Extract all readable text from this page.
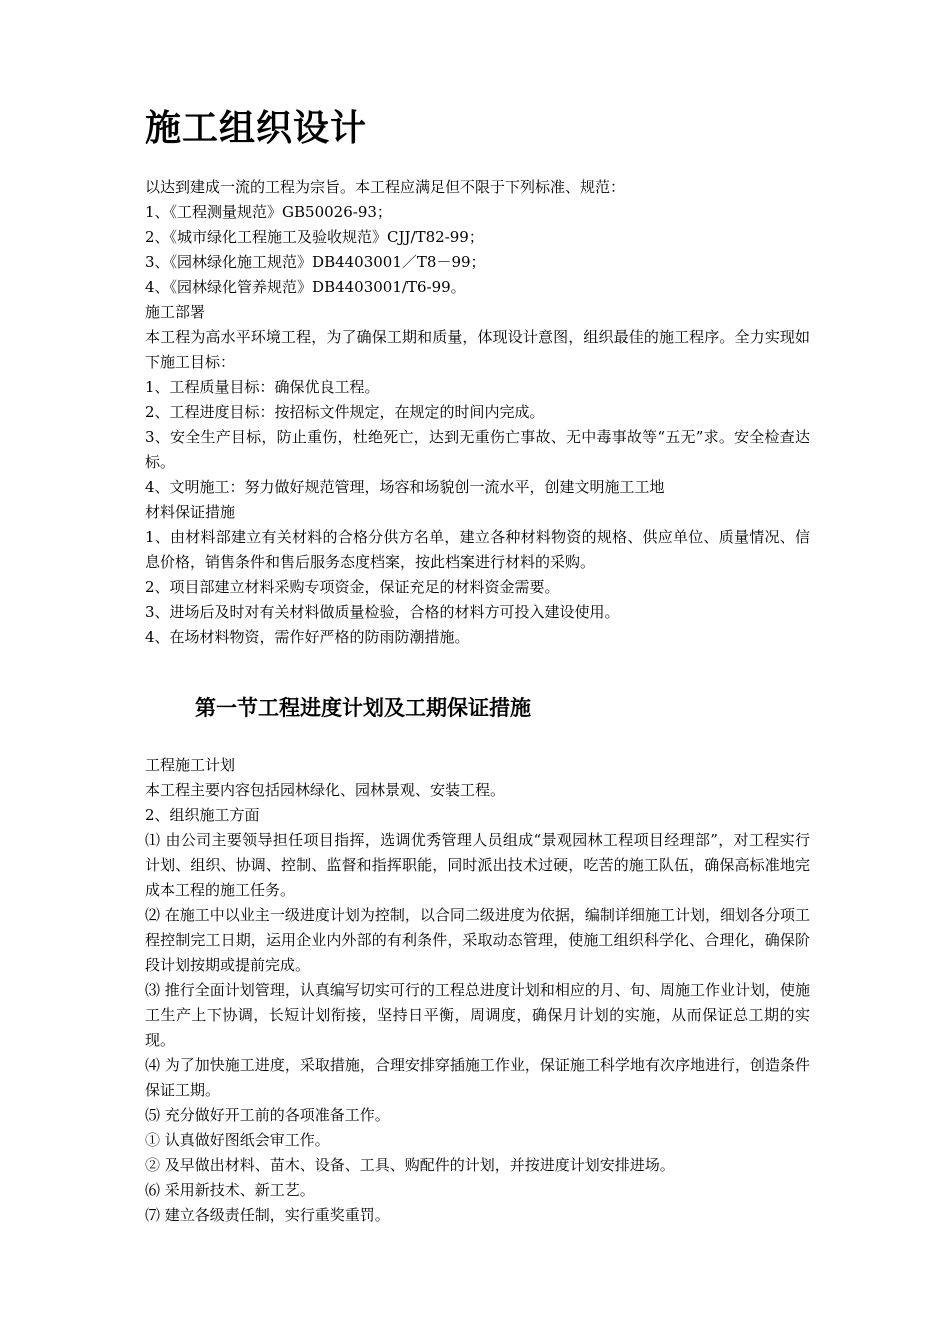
施工组织设计

以达到建成一流的工程为宗旨。本工程应满足但不限于下列标准、规范：

1、《工程测量规范》GB50026-93；

2、《城市绿化工程施工及验收规范》CJJ/T82-99；

3、《园林绿化施工规范》DB4403001／T8－99；

4、《园林绿化管养规范》DB4403001/T6-99。

施工部署

本工程为高水平环境工程，为了确保工期和质量，体现设计意图，组织最佳的施工程序。全力实现如下施工目标：

1、工程质量目标：确保优良工程。

2、工程进度目标：按招标文件规定，在规定的时间内完成。

3、安全生产目标，防止重伤，杜绝死亡，达到无重伤亡事故、无中毒事故等“五无”求。安全检查达标。

4、文明施工：努力做好规范管理，场容和场貌创一流水平，创建文明施工工地

材料保证措施

1、由材料部建立有关材料的合格分供方名单，建立各种材料物资的规格、供应单位、质量情况、信息价格，销售条件和售后服务态度档案，按此档案进行材料的采购。

2、项目部建立材料采购专项资金，保证充足的材料资金需要。

3、进场后及时对有关材料做质量检验，合格的材料方可投入建设使用。

4、在场材料物资，需作好严格的防雨防潮措施。

第一节工程进度计划及工期保证措施

工程施工计划

本工程主要内容包括园林绿化、园林景观、安装工程。

2、组织施工方面

⑴ 由公司主要领导担任项目指挥，选调优秀管理人员组成“景观园林工程项目经理部”，对工程实行计划、组织、协调、控制、监督和指挥职能，同时派出技术过硬，吃苦的施工队伍，确保高标准地完成本工程的施工任务。

⑵ 在施工中以业主一级进度计划为控制，以合同二级进度为依据，编制详细施工计划，细划各分项工程控制完工日期，运用企业内外部的有利条件，采取动态管理，使施工组织科学化、合理化，确保阶段计划按期或提前完成。

⑶ 推行全面计划管理，认真编写切实可行的工程总进度计划和相应的月、旬、周施工作业计划，使施工生产上下协调，长短计划衔接，坚持日平衡，周调度，确保月计划的实施，从而保证总工期的实现。

⑷ 为了加快施工进度，采取措施，合理安排穿插施工作业，保证施工科学地有次序地进行，创造条件保证工期。

⑸ 充分做好开工前的各项准备工作。

① 认真做好图纸会审工作。

② 及早做出材料、苗木、设备、工具、购配件的计划，并按进度计划安排进场。

⑹ 采用新技术、新工艺。

⑺ 建立各级责任制，实行重奖重罚。
